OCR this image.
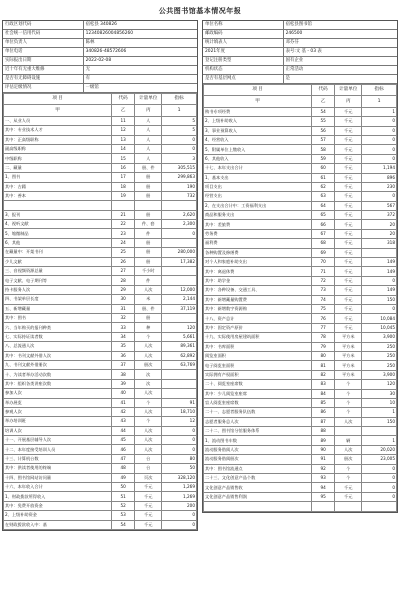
公共图书馆基本情况年报
行政区划代码	宿松县 340826
社会统一信用代码	12340826004856260
单位负责人	陈林
单位电话	340826-48572606
实际报出日期	2022-02-08
近十年有无重大维修	无
是否有无障碍设施	有
评估定级情况	一级馆
项 目	代码	计量单位	指标
甲	乙	丙	1
一、从业人员	11	人	5
其中：专业技术人才	12	人	5
其中：正高级职称	13	人	0
副高级职称	14	人	0
中级职称	15	人	3
二、藏量	16	册、件	305,515
1、图书	17	册	299,863
其中：古籍	18	册	190
其中：善本	19	册	732

3、报刊	21	册	2,620
4、视听文献	22	件、套	2,300
5、缩微制品	23	件	0
6、其他	24	册	
在藏量中：开架书刊	25	册	280,000
少儿文献	26	册	17,382
三、音视频资源总量	27	千小时	
电子文献、电子期刊等	28	件	
持卡服务人次	29	人次	12,000
四、书架单层长度	30	米	2,144
五、新增藏量	31	册、件	37,119
其中：图书	32	册	
六、当年购买的报刊种类	33	种	120
七、实际持证读者数	34	个	5,661
八、总流通人次	35	人次	89,361
其中：书刊文献外借人次	36	人次	62,892
九、书刊文献外借册次	37	册次	63,769
十、为读者举办活动次数	38	次	
其中：组织各类讲座次数	39	次	
参加人次	40	人次	
举办展览	41	个	91
参观人次	42	人次	18,710
举办培训班	43	个	12
培训人次	44	人次	0
十一、开展基层辅导人次	45	人次	0
十二、本年度接受培训人员	46	人次	0
十三、计算机台数	47	台	80
其中：供读者使用的终端	48	台	50
十四、图书馆网站访问量	49	页次	328,120
十六、本年收入合计	50	千元	1,269
1、财政拨款所得收入	51	千元	1,269
其中：免费开放资金	52	千元	200
2、上级补助资金	53	千元	0
在财政拨款收入中：基	54	千元	0
单位名称	宿松县图书馆
邮政编码	246500
统计填表人	邓芬芬
2021年度	表号:文 基 - 03 表
登记注册类型	国有企业
机构状态	正常活动
是否有基层网点	是
项 目	代码	计量单位	指标
甲	乙	丙	1
购书专项经费	54	千元	1
2、上级补助收入	55	千元	0
3、事业预算收入	56	千元	0
4、经营收入	57	千元	0
5、附属单位上缴收入	58	千元	0
6、其他收入	59	千元	0
十七、本年支出合计	60	千元	1,194
1、基本支出	61	千元	896
项目支出	62	千元	230
经营支出	63	千元	0
2、在支出合计中：工资福利支出	64	千元	567
商品和服务支出	65	千元	372
其中：差旅费	66	千元	20
劳务费	67	千元	20
福利费	68	千元	318
各种购置及修缮费	69	千元	
对个人和家庭补助支出	70	千元	149
其中：离退休费	71	千元	149
其中：助学金	72	千元	0
其中：各种设备、交通工具、	73	千元	149
其中：新增藏量购置费	74	千元	150
其中：新增数字资源购	75	千元	0
十八、资产总计	76	千元	10,084
其中：固定资产原价	77	千元	10,045
十九、实际使用房屋建筑面积	78	平方米	3,900
其中：书库面积	79	平方米	250
阅览室面积	80	平方米	250
电子阅览室面积	81	平方米	250
实际拥有产权面积	82	平方米	3,900
二十、阅览室座席数	83	个	120
其中：少儿阅览室座席	84	个	30
盲人阅览室座席数	85	个	10
二十一、志愿者服务队伍数	86	个	1
志愿者服务总人次	87	人次	150
二十二、图书馆分馆服务体系	88		
1、流动图书车数	89	辆	1
流动服务借阅人次	90	人次	20,020
流动服务借阅册次	91	册次	23,005
其中：图书馆流通点	92	个	0
二十三、文化创意产品个数	93	个	0
文化创意产品销售收	94	千元	0
文化创意产品销售利润	95	千元	0
